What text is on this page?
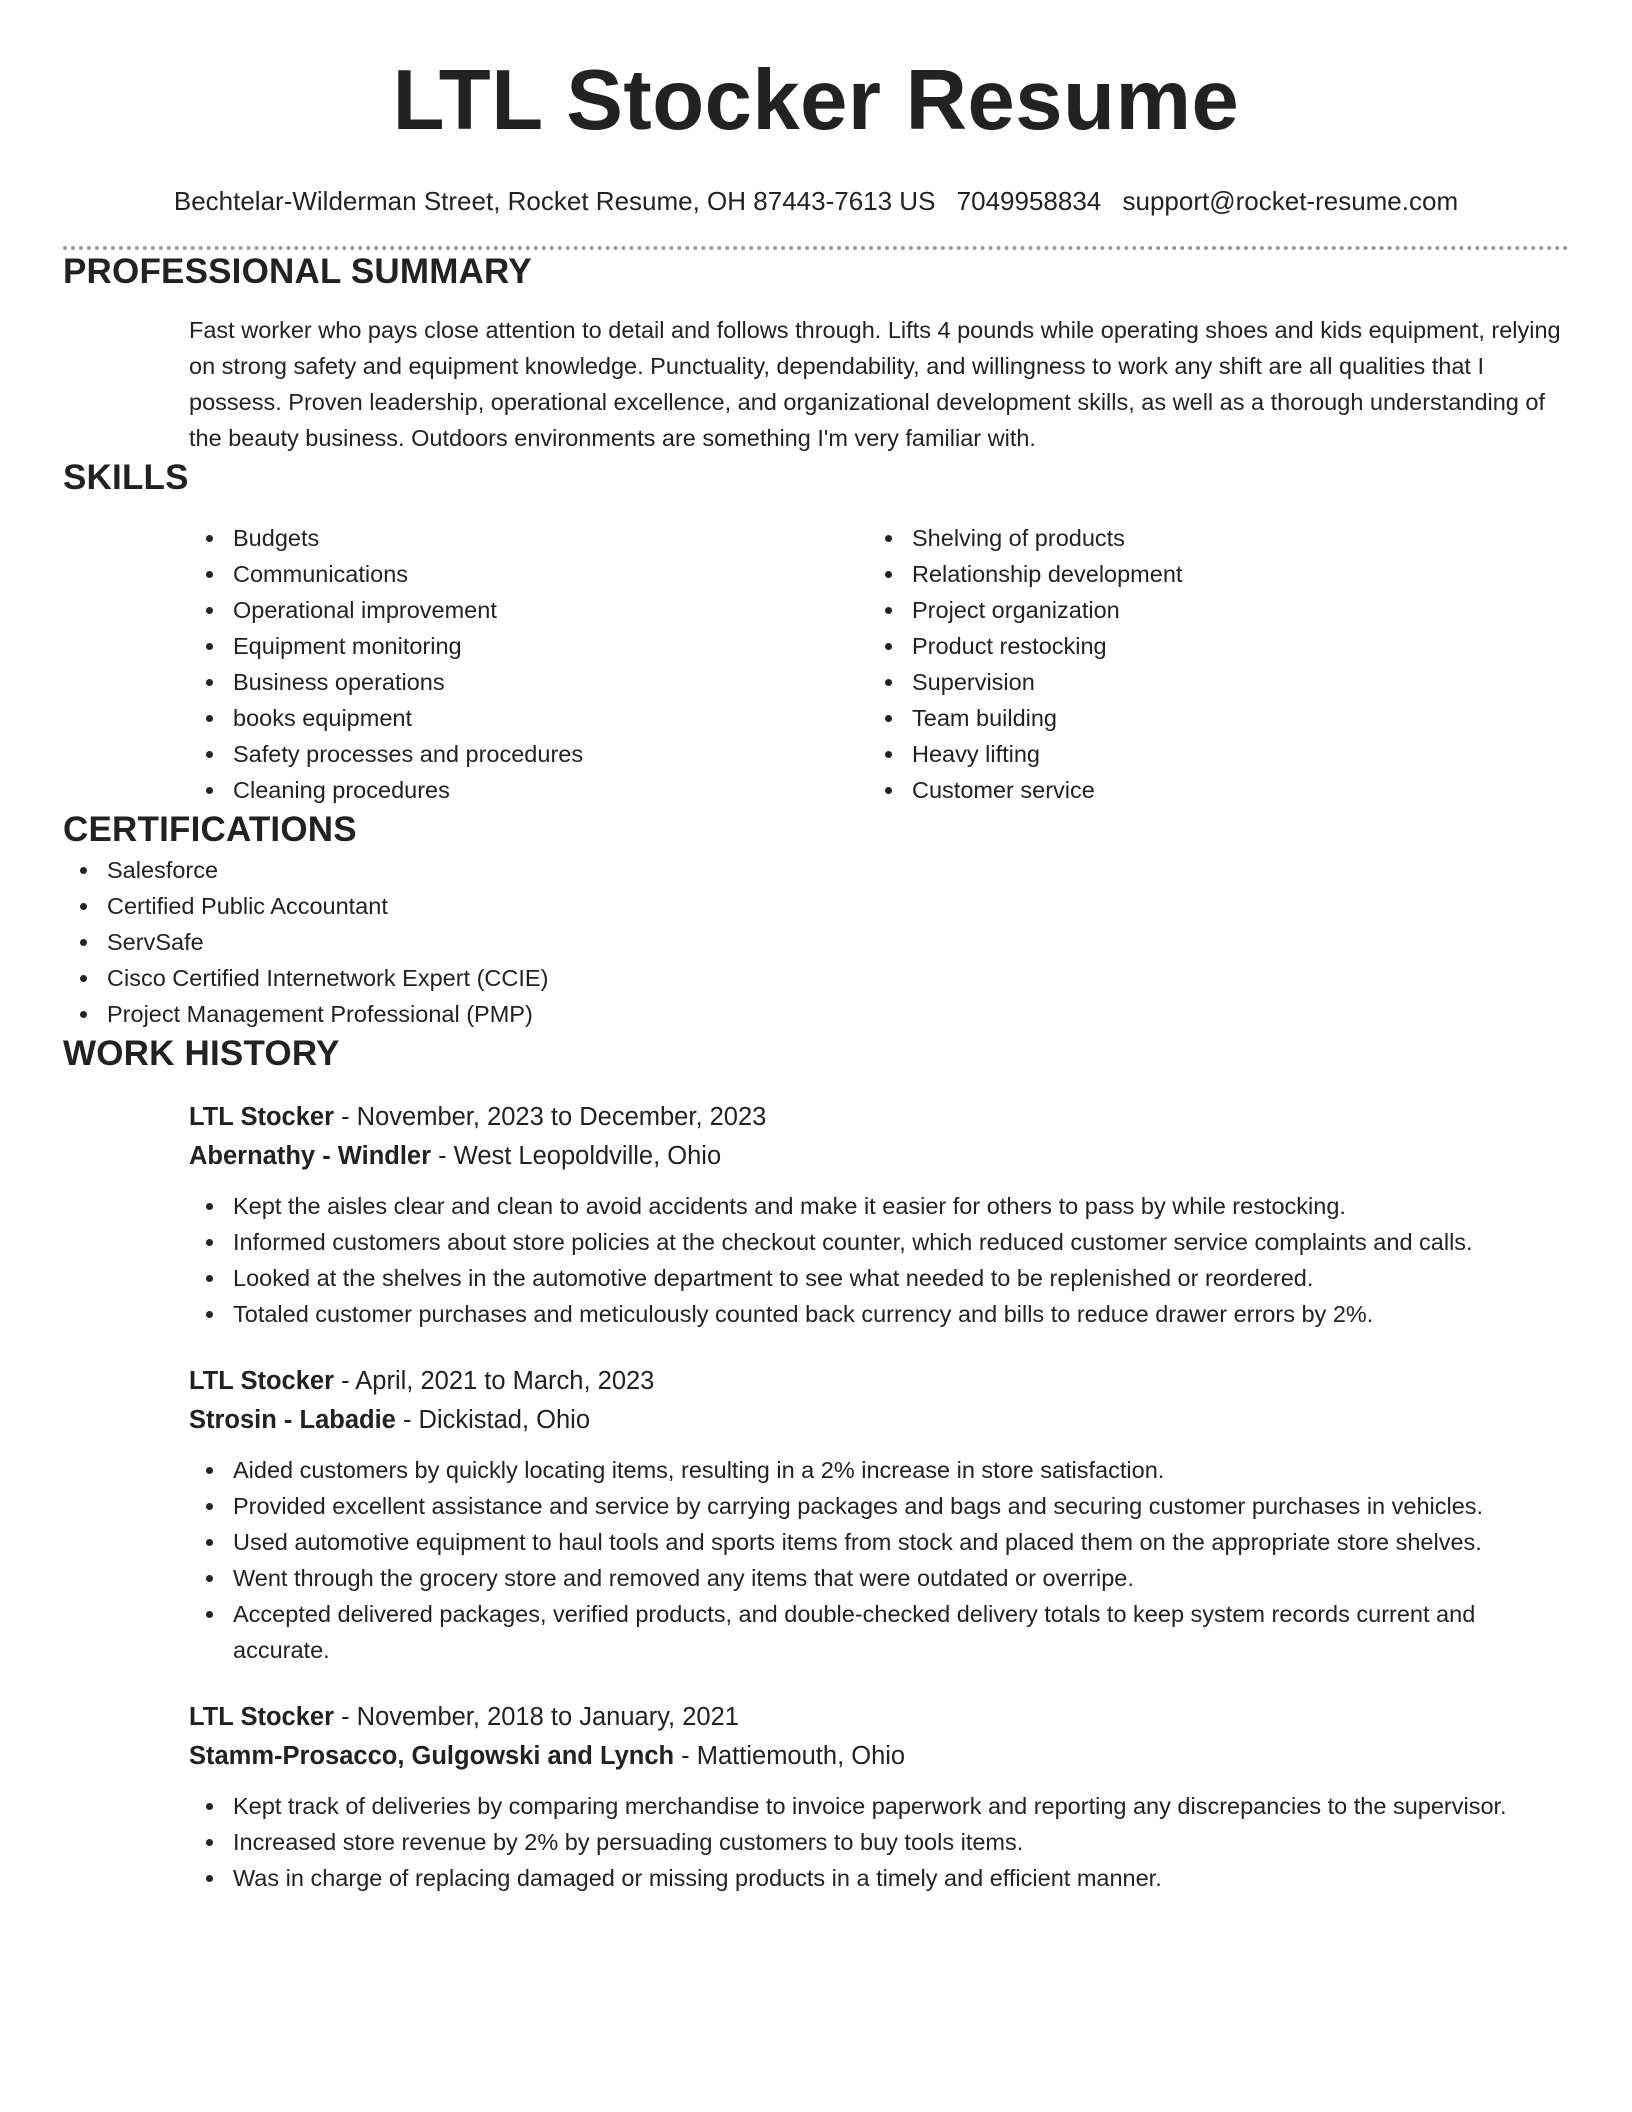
LTL Stocker Resume
Bechtelar-Wilderman Street, Rocket Resume, OH 87443-7613 US 7049958834 support@rocket-resume.com
PROFESSIONAL SUMMARY

Fast worker who pays close attention to detail and follows through. Lifts 4 pounds while operating shoes and kids equipment, relying on strong safety and equipment knowledge. Punctuality, dependability, and willingness to work any shift are all qualities that I possess. Proven leadership, operational excellence, and organizational development skills, as well as a thorough understanding of the beauty business. Outdoors environments are something I'm very familiar with.

SKILLS
Budgets
Communications
Operational improvement
Equipment monitoring
Business operations
books equipment
Safety processes and procedures
Cleaning procedures
Shelving of products
Relationship development
Project organization
Product restocking
Supervision
Team building
Heavy lifting
Customer service
CERTIFICATIONS
Salesforce
Certified Public Accountant
ServSafe
Cisco Certified Internetwork Expert (CCIE)
Project Management Professional (PMP)
WORK HISTORY
LTL Stocker - November, 2023 to December, 2023
Abernathy - Windler - West Leopoldville, Ohio
Kept the aisles clear and clean to avoid accidents and make it easier for others to pass by while restocking.
Informed customers about store policies at the checkout counter, which reduced customer service complaints and calls.
Looked at the shelves in the automotive department to see what needed to be replenished or reordered.
Totaled customer purchases and meticulously counted back currency and bills to reduce drawer errors by 2%.
LTL Stocker - April, 2021 to March, 2023
Strosin - Labadie - Dickistad, Ohio
Aided customers by quickly locating items, resulting in a 2% increase in store satisfaction.
Provided excellent assistance and service by carrying packages and bags and securing customer purchases in vehicles.
Used automotive equipment to haul tools and sports items from stock and placed them on the appropriate store shelves.
Went through the grocery store and removed any items that were outdated or overripe.
Accepted delivered packages, verified products, and double-checked delivery totals to keep system records current and accurate.
LTL Stocker - November, 2018 to January, 2021
Stamm-Prosacco, Gulgowski and Lynch - Mattiemouth, Ohio
Kept track of deliveries by comparing merchandise to invoice paperwork and reporting any discrepancies to the supervisor.
Increased store revenue by 2% by persuading customers to buy tools items.
Was in charge of replacing damaged or missing products in a timely and efficient manner.
